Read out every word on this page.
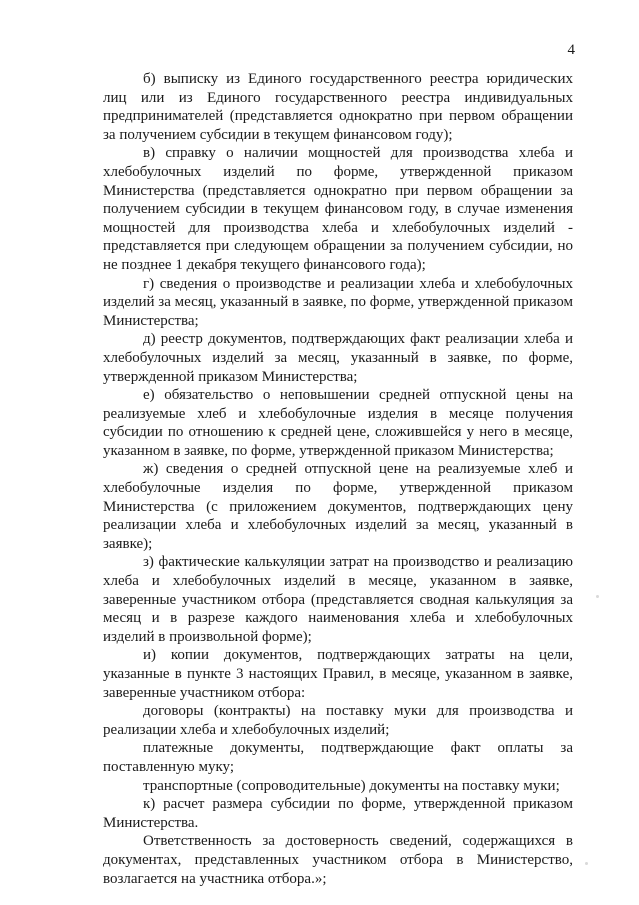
4

б) выписку из Единого государственного реестра юридических лиц или из Единого государственного реестра индивидуальных предпринимателей (представляется однократно при первом обращении за получением субсидии в текущем финансовом году);

в) справку о наличии мощностей для производства хлеба и хлебобулочных изделий по форме, утвержденной приказом Министерства (представляется однократно при первом обращении за получением субсидии в текущем финансовом году, в случае изменения мощностей для производства хлеба и хлебобулочных изделий - представляется при следующем обращении за получением субсидии, но не позднее 1 декабря текущего финансового года);

г) сведения о производстве и реализации хлеба и хлебобулочных изделий за месяц, указанный в заявке, по форме, утвержденной приказом Министерства;

д) реестр документов, подтверждающих факт реализации хлеба и хлебобулочных изделий за месяц, указанный в заявке, по форме, утвержденной приказом Министерства;

е) обязательство о неповышении средней отпускной цены на реализуемые хлеб и хлебобулочные изделия в месяце получения субсидии по отношению к средней цене, сложившейся у него в месяце, указанном в заявке, по форме, утвержденной приказом Министерства;

ж) сведения о средней отпускной цене на реализуемые хлеб и хлебобулочные изделия по форме, утвержденной приказом Министерства (с приложением документов, подтверждающих цену реализации хлеба и хлебобулочных изделий за месяц, указанный в заявке);

з) фактические калькуляции затрат на производство и реализацию хлеба и хлебобулочных изделий в месяце, указанном в заявке, заверенные участником отбора (представляется сводная калькуляция за месяц и в разрезе каждого наименования хлеба и хлебобулочных изделий в произвольной форме);

и) копии документов, подтверждающих затраты на цели, указанные в пункте 3 настоящих Правил, в месяце, указанном в заявке, заверенные участником отбора:

договоры (контракты) на поставку муки для производства и реализации хлеба и хлебобулочных изделий;

платежные документы, подтверждающие факт оплаты за поставленную муку;

транспортные (сопроводительные) документы на поставку муки;

к) расчет размера субсидии по форме, утвержденной приказом Министерства.

Ответственность за достоверность сведений, содержащихся в документах, представленных участником отбора в Министерство, возлагается на участника отбора.»;
